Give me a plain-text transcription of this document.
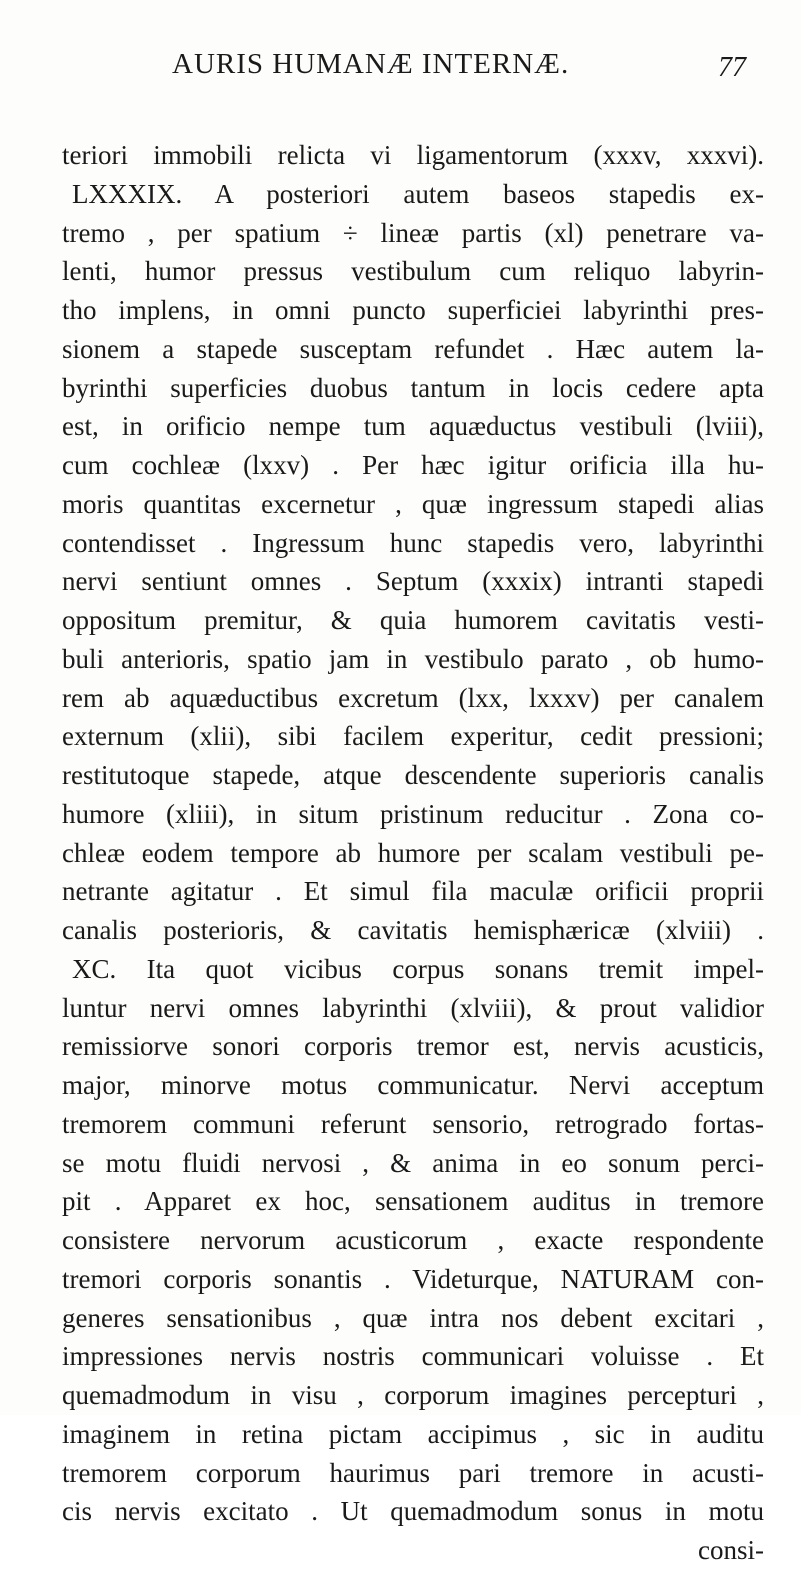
AURIS HUMANÆ INTERNÆ.	77
teriori immobili relicta vi ligamentorum (xxxv, xxxvi).
LXXXIX. A posteriori autem baseos stapedis ex-
tremo , per spatium ÷ lineæ partis (xl) penetrare va-
lenti, humor pressus vestibulum cum reliquo labyrin-
tho implens, in omni puncto superficiei labyrinthi pres-
sionem a stapede susceptam refundet . Hæc autem la-
byrinthi superficies duobus tantum in locis cedere apta
est, in orificio nempe tum aquæductus vestibuli (lviii),
cum cochleæ (lxxv) . Per hæc igitur orificia illa hu-
moris quantitas excernetur , quæ ingressum stapedi alias
contendisset . Ingressum hunc stapedis vero, labyrinthi
nervi sentiunt omnes . Septum (xxxix) intranti stapedi
oppositum premitur, & quia humorem cavitatis vesti-
buli anterioris, spatio jam in vestibulo parato , ob humo-
rem ab aquæductibus excretum (lxx, lxxxv) per canalem
externum (xlii), sibi facilem experitur, cedit pressioni;
restitutoque stapede, atque descendente superioris canalis
humore (xliii), in situm pristinum reducitur . Zona co-
chleæ eodem tempore ab humore per scalam vestibuli pe-
netrante agitatur . Et simul fila maculæ orificii proprii
canalis posterioris, & cavitatis hemisphæricæ (xlviii) .
XC. Ita quot vicibus corpus sonans tremit impel-
luntur nervi omnes labyrinthi (xlviii), & prout validior
remissiorve sonori corporis tremor est, nervis acusticis,
major, minorve motus communicatur. Nervi acceptum
tremorem communi referunt sensorio, retrogrado fortas-
se motu fluidi nervosi , & anima in eo sonum perci-
pit . Apparet ex hoc, sensationem auditus in tremore
consistere nervorum acusticorum , exacte respondente
tremori corporis sonantis . Videturque, NATURAM con-
generes sensationibus , quæ intra nos debent excitari ,
impressiones nervis nostris communicari voluisse . Et
quemadmodum in visu , corporum imagines percepturi ,
imaginem in retina pictam accipimus , sic in auditu
tremorem corporum haurimus pari tremore in acusti-
cis nervis excitato . Ut quemadmodum sonus in motu
consi-
